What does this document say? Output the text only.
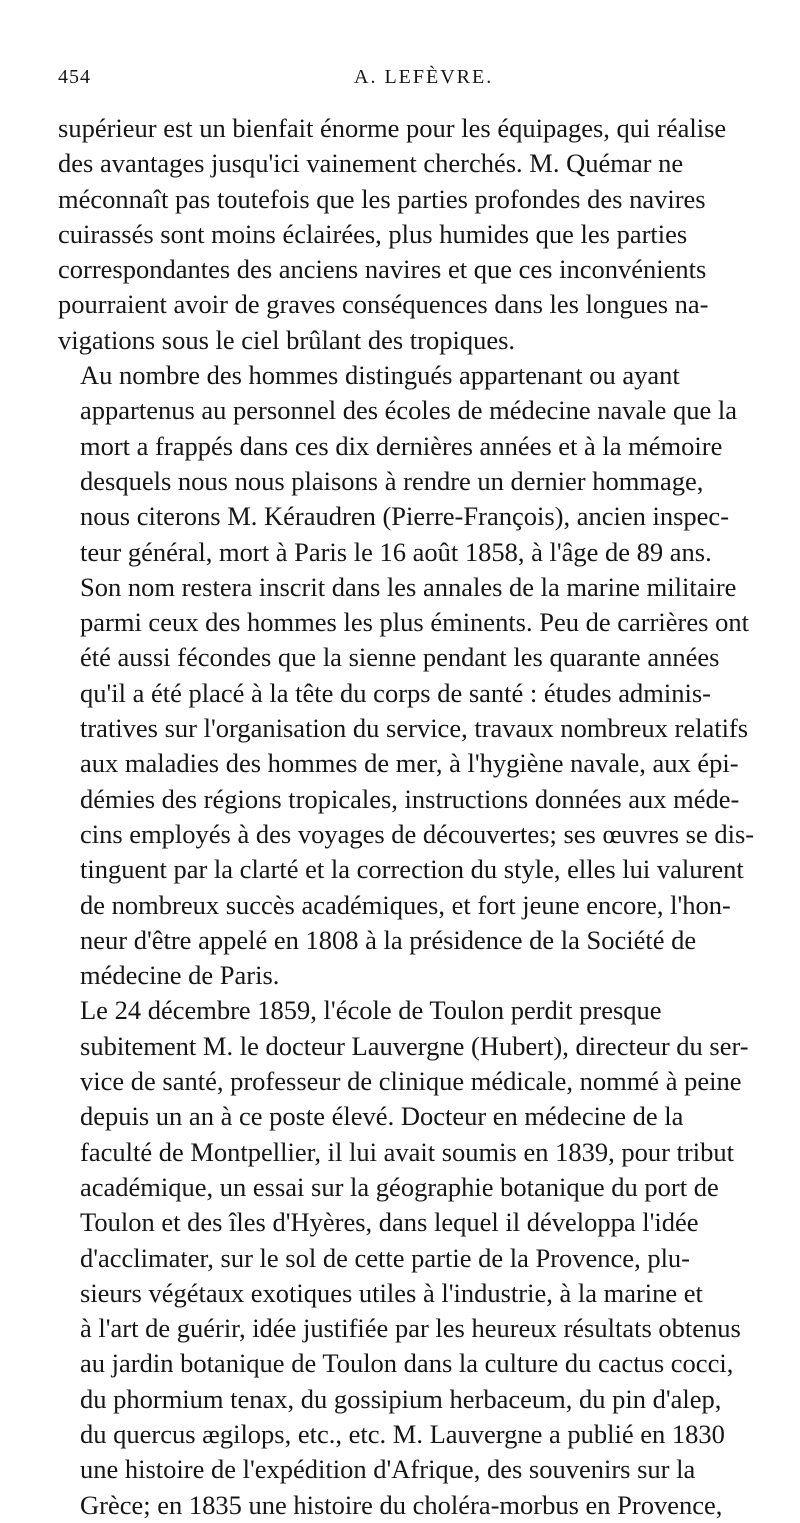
454	A. LEFÈVRE.

supérieur est un bienfait énorme pour les équipages, qui réalise
des avantages jusqu'ici vainement cherchés. M. Quémar ne
méconnaît pas toutefois que les parties profondes des navires
cuirassés sont moins éclairées, plus humides que les parties
correspondantes des anciens navires et que ces inconvénients
pourraient avoir de graves conséquences dans les longues na-
vigations sous le ciel brûlant des tropiques.

Au nombre des hommes distingués appartenant ou ayant
appartenus au personnel des écoles de médecine navale que la
mort a frappés dans ces dix dernières années et à la mémoire
desquels nous nous plaisons à rendre un dernier hommage,
nous citerons M. Kéraudren (Pierre-François), ancien inspec-
teur général, mort à Paris le 16 août 1858, à l'âge de 89 ans.
Son nom restera inscrit dans les annales de la marine militaire
parmi ceux des hommes les plus éminents. Peu de carrières ont
été aussi fécondes que la sienne pendant les quarante années
qu'il a été placé à la tête du corps de santé : études adminis-
tratives sur l'organisation du service, travaux nombreux relatifs
aux maladies des hommes de mer, à l'hygiène navale, aux épi-
démies des régions tropicales, instructions données aux méde-
cins employés à des voyages de découvertes; ses œuvres se dis-
tinguent par la clarté et la correction du style, elles lui valurent
de nombreux succès académiques, et fort jeune encore, l'hon-
neur d'être appelé en 1808 à la présidence de la Société de
médecine de Paris.

Le 24 décembre 1859, l'école de Toulon perdit presque
subitement M. le docteur Lauvergne (Hubert), directeur du ser-
vice de santé, professeur de clinique médicale, nommé à peine
depuis un an à ce poste élevé. Docteur en médecine de la
faculté de Montpellier, il lui avait soumis en 1839, pour tribut
académique, un essai sur la géographie botanique du port de
Toulon et des îles d'Hyères, dans lequel il développa l'idée
d'acclimater, sur le sol de cette partie de la Provence, plu-
sieurs végétaux exotiques utiles à l'industrie, à la marine et
à l'art de guérir, idée justifiée par les heureux résultats obtenus
au jardin botanique de Toulon dans la culture du cactus cocci,
du phormium tenax, du gossipium herbaceum, du pin d'alep,
du quercus ægilops, etc., etc. M. Lauvergne a publié en 1830
une histoire de l'expédition d'Afrique, des souvenirs sur la
Grèce; en 1835 une histoire du choléra-morbus en Provence,
